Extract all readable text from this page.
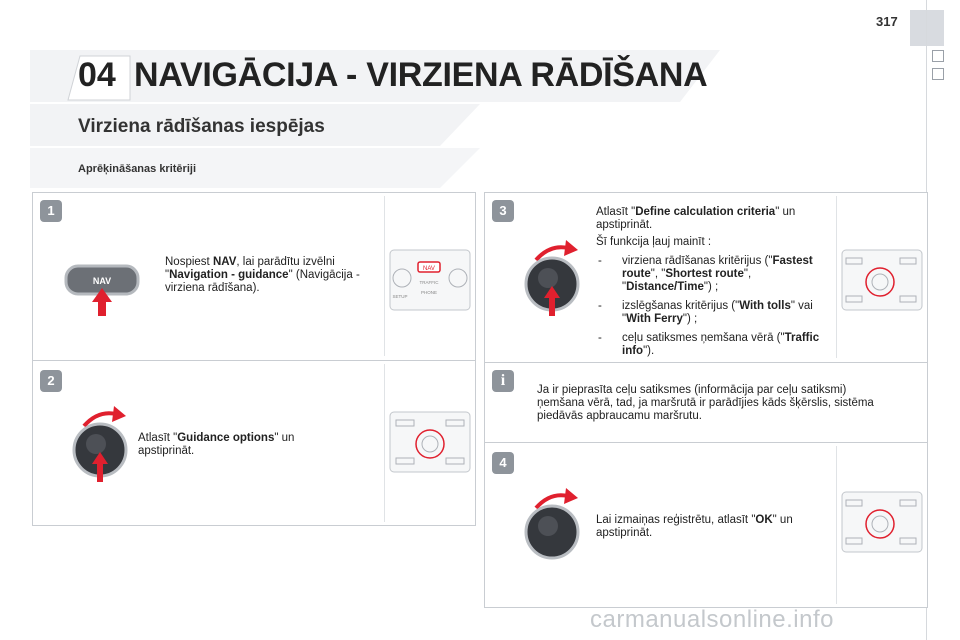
317
04 NAVIGĀCIJA - VIRZIENA RĀDĪŠANA
Virziena rādīšanas iespējas
Aprēķināšanas kritēriji
1
NAV
Nospiest NAV, lai parādītu izvēlni "Navigation - guidance" (Navigācija - virziena rādīšana).
NAV
TRAFFIC
PHONE
SETUP
2
Atlasīt "Guidance options" un apstiprināt.
3	Atlasīt "Define calculation criteria" un apstiprināt.
Šī funkcija ļauj mainīt :
- virziena rādīšanas kritērijus ("Fastest route", "Shortest route", "Distance/Time") ;
- izslēgšanas kritērijus ("With tolls" vai "With Ferry") ;
- ceļu satiksmes ņemšana vērā ("Traffic info").
i
Ja ir pieprasīta ceļu satiksmes (informācija par ceļu satiksmi) ņemšana vērā, tad, ja maršrutā ir parādījies kāds šķērslis, sistēma piedāvās apbraucamu maršrutu.
4
Lai izmaiņas reģistrētu, atlasīt "OK" un apstiprināt.
carmanualsonline.info
